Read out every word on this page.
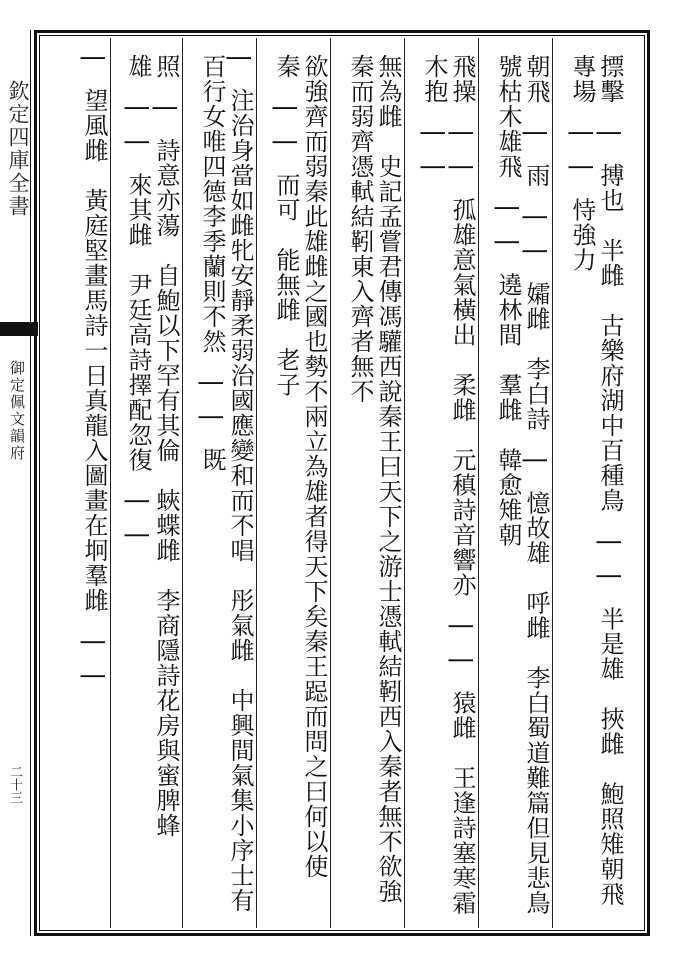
欽定四庫全書
御定佩文韻府
二十三	摽擊　|　搏也　半雌　古樂府湖中百種鳥　|　|　半是雄　挾雌　鮑照雉朝飛專場　|　|　恃強力
朝飛　|　雨　|　|　孀雌　李白詩　|　憶故雄　呼雌　李白蜀道難篇但見悲鳥號枯木雄飛　|　|　遶林間　羣雌　韓愈雉朝
飛操　|　|　孤雄意氣橫出　柔雌　元稹詩音響亦　|　|　猿雌　王逢詩塞寒霜木抱　|　|
無為雌　史記孟嘗君傳馮驩西說秦王曰天下之游士憑軾結靷西入秦者無不欲強秦而弱齊憑軾結靷東入齊者無不
欲強齊而弱秦此雄雌之國也勢不兩立為雄者得天下矣秦王跽而問之曰何以使秦　|　|　而可　能無雌　老子
|　注治身當如雌牝安靜柔弱治國應變和而不唱　彤氣雌　中興間氣集小序士有百行女唯四德李季蘭則不然　|　|　既
照　|　詩意亦蕩　自鮑以下罕有其倫　蛺蝶雌　李商隱詩花房與蜜脾蜂雄　|　|　來其雌　尹廷高詩擇配忽復　|　|
|　望風雌　黃庭堅畫馬詩一日真龍入圖畫在坰羣雌　|　|
